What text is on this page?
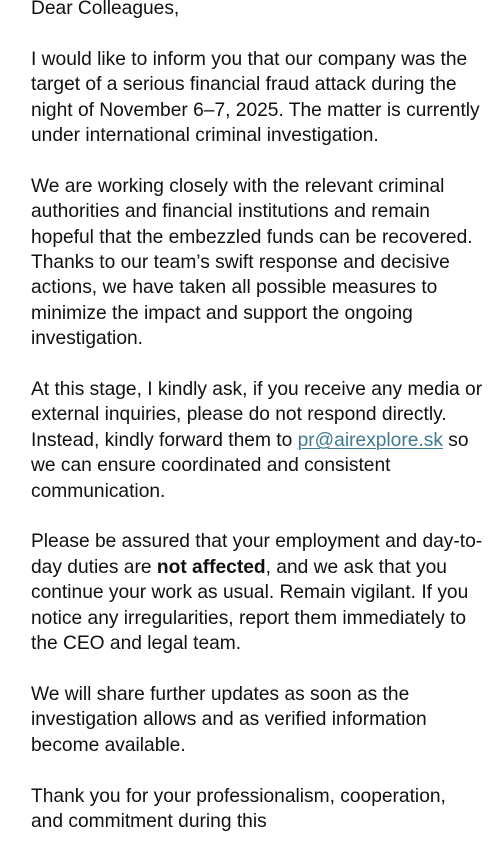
Dear Colleagues,

I would like to inform you that our company was the target of a serious financial fraud attack during the night of November 6–7, 2025. The matter is currently under international criminal investigation.

We are working closely with the relevant criminal authorities and financial institutions and remain hopeful that the embezzled funds can be recovered. Thanks to our team’s swift response and decisive actions, we have taken all possible measures to minimize the impact and support the ongoing investigation.

At this stage, I kindly ask, if you receive any media or external inquiries, please do not respond directly. Instead, kindly forward them to pr@airexplore.sk so we can ensure coordinated and consistent communication.

Please be assured that your employment and day-to-day duties are not affected, and we ask that you continue your work as usual. Remain vigilant. If you notice any irregularities, report them immediately to the CEO and legal team.

We will share further updates as soon as the investigation allows and as verified information become available.

Thank you for your professionalism, cooperation, and commitment during this
